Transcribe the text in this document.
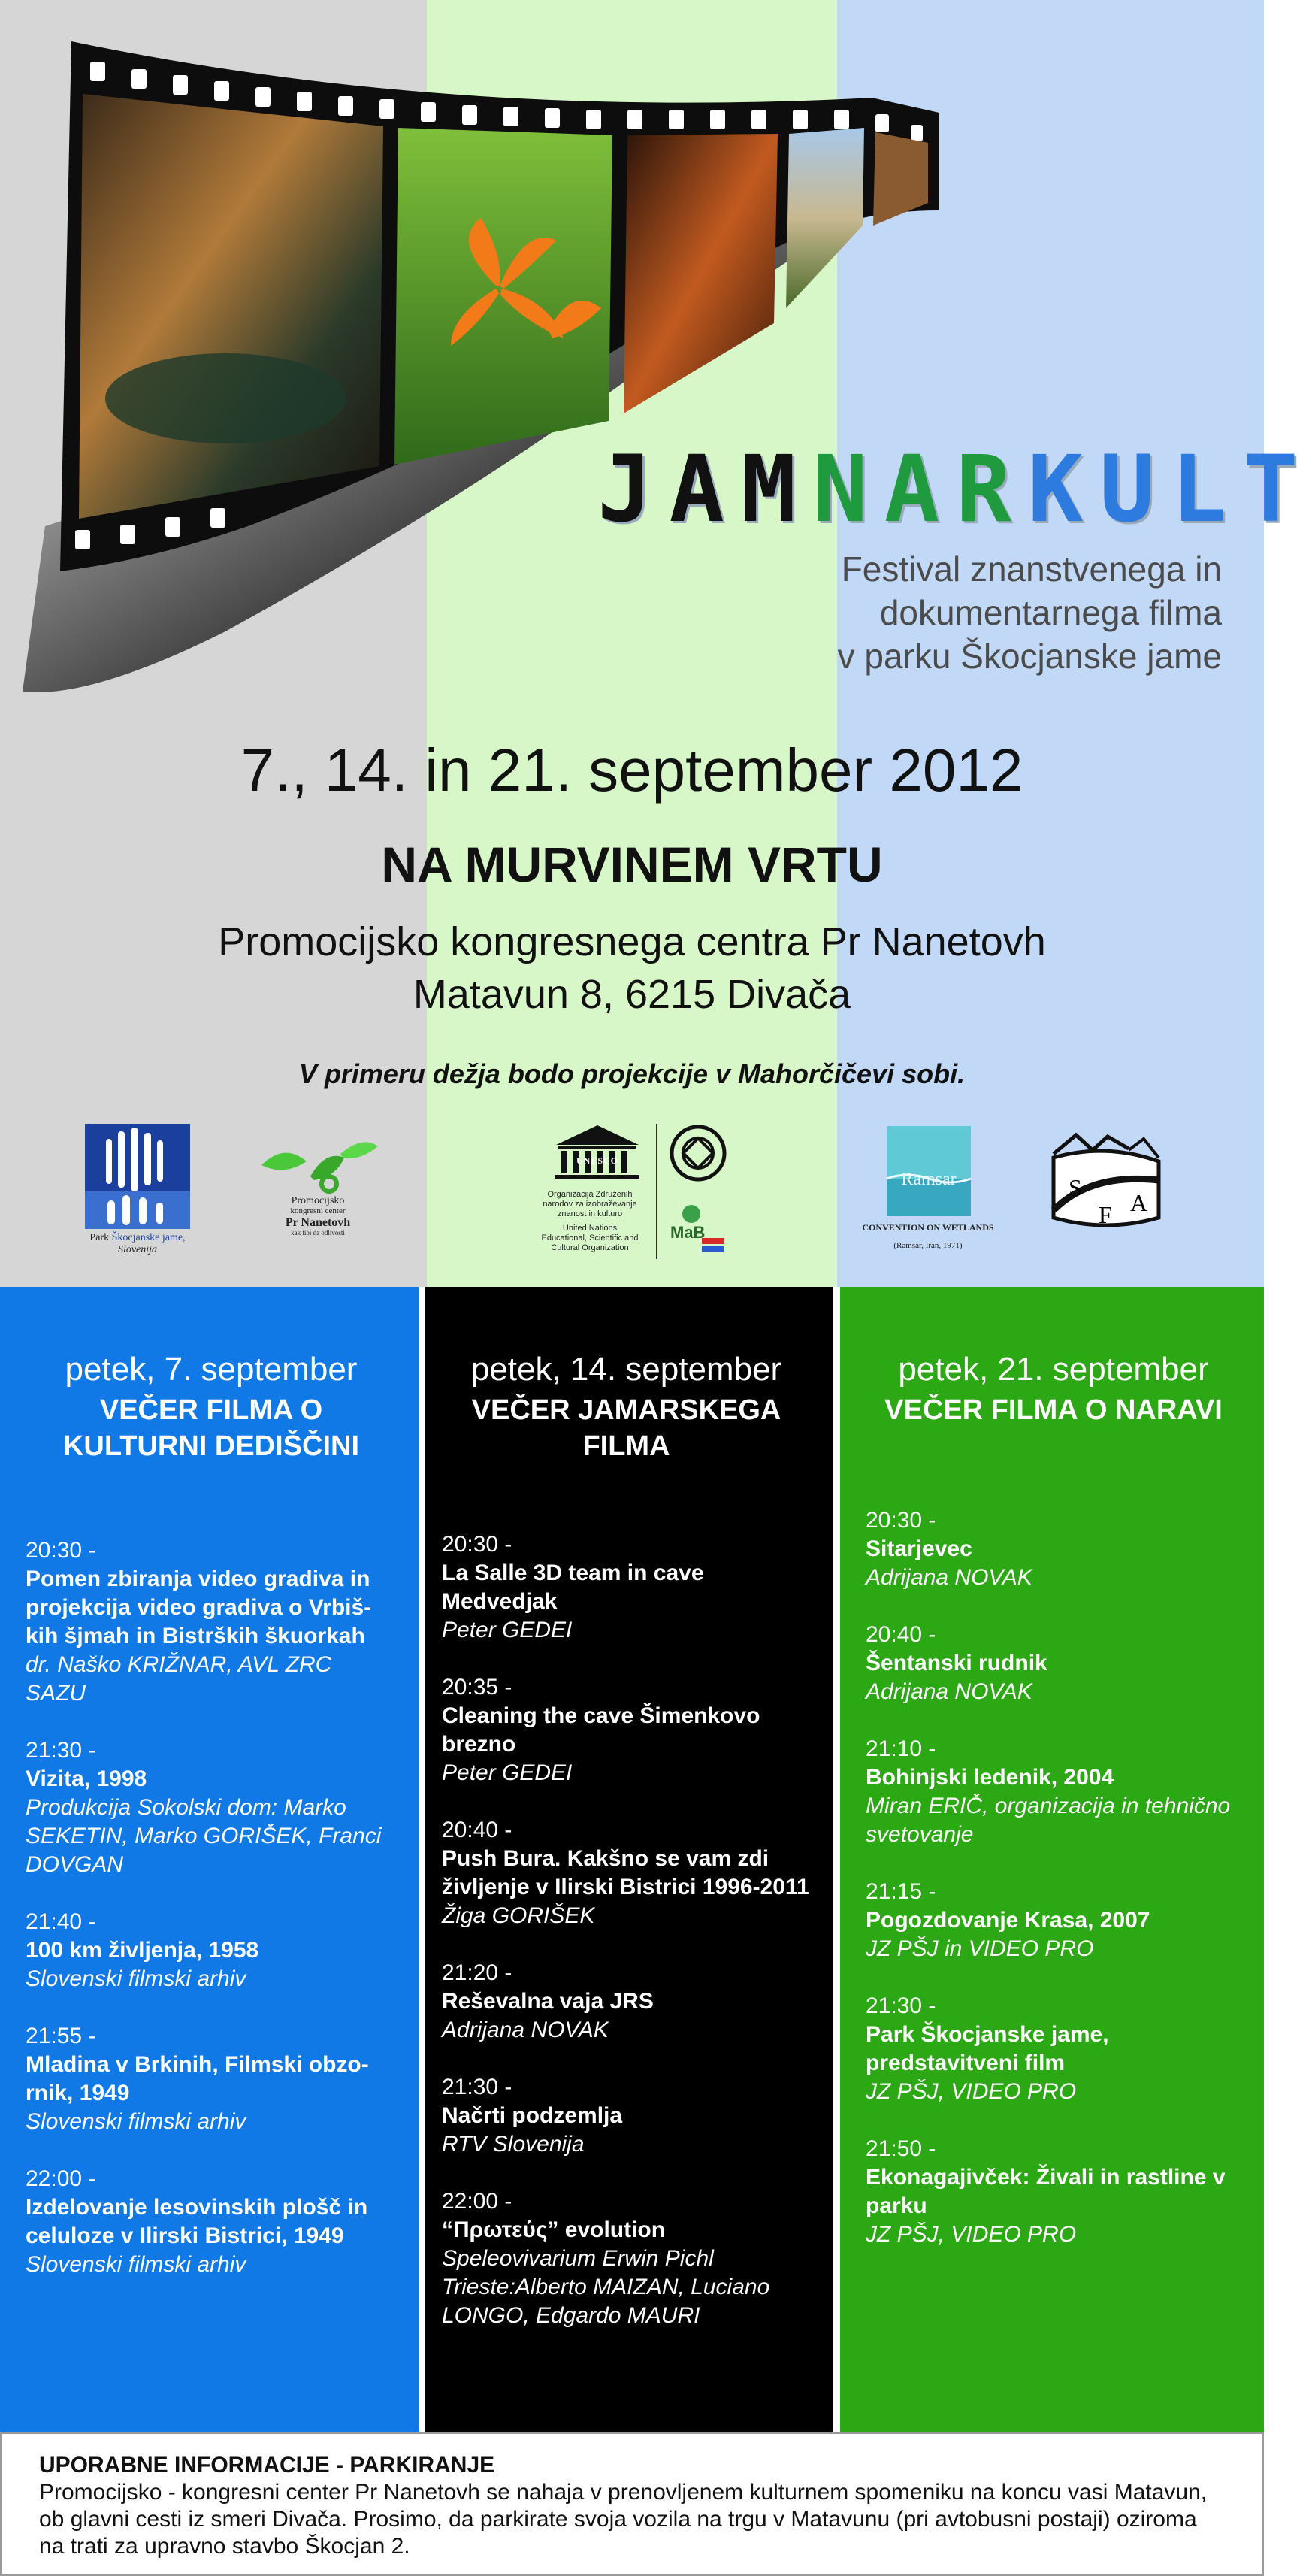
JAMNARKULT
Festival znanstvenega in
dokumentarnega filma
v parku Škocjanske jame
7., 14. in 21. september 2012
NA MURVINEM VRTU
Promocijsko kongresnega centra Pr Nanetovh
Matavun 8, 6215 Divača
V primeru dežja bodo projekcije v Mahorčičevi sobi.
Park Škocjanske jame,
Slovenija
Promocijsko
kongresni center
Pr Nanetovh
kak tipi da odlivosti
UNESCO
Organizacija Združenih
narodov za izobraževanje
znanost in kulturo
United Nations
Educational, Scientific and
Cultural Organization
MaB
Ramsar
CONVENTION ON WETLANDS
(Ramsar, Iran, 1971)
S
F A
petek, 7. september
VEČER FILMA O KULTURNI DEDIŠČINI
20:30 -
Pomen zbiranja video gradiva in projekcija video gradiva o Vrbiš-kih šjmah in Bistrških škuorkah
dr. Naško KRIŽNAR, AVL ZRC SAZU
21:30 -
Vizita, 1998
Produkcija Sokolski dom: Marko SEKETIN, Marko GORIŠEK, Franci DOVGAN
21:40 -
100 km življenja, 1958
Slovenski filmski arhiv
21:55 -
Mladina v Brkinih, Filmski obzo-rnik, 1949
Slovenski filmski arhiv
22:00 -
Izdelovanje lesovinskih plošč in celuloze v Ilirski Bistrici, 1949
Slovenski filmski arhiv
petek, 14. september
VEČER JAMARSKEGA FILMA
20:30 -
La Salle 3D team in cave Medvedjak
Peter GEDEI
20:35 -
Cleaning the cave Šimenkovo brezno
Peter GEDEI
20:40 -
Push Bura. Kakšno se vam zdi življenje v Ilirski Bistrici 1996-2011
Žiga GORIŠEK
21:20 -
Reševalna vaja JRS
Adrijana NOVAK
21:30 -
Načrti podzemlja
RTV Slovenija
22:00 -
“Πρωτεύς” evolution
Speleovivarium Erwin Pichl Trieste:Alberto MAIZAN, Luciano LONGO, Edgardo MAURI
petek, 21. september
VEČER FILMA O NARAVI
20:30 -
Sitarjevec
Adrijana NOVAK
20:40 -
Šentanski rudnik
Adrijana NOVAK
21:10 -
Bohinjski ledenik, 2004
Miran ERIČ, organizacija in tehnično svetovanje
21:15 -
Pogozdovanje Krasa, 2007
JZ PŠJ in VIDEO PRO
21:30 -
Park Škocjanske jame, predstavitveni film
JZ PŠJ, VIDEO PRO
21:50 -
Ekonagajivček: Živali in rastline v parku
JZ PŠJ, VIDEO PRO
UPORABNE INFORMACIJE - PARKIRANJE
Promocijsko - kongresni center Pr Nanetovh se nahaja v prenovljenem kulturnem spomeniku na koncu vasi Matavun, ob glavni cesti iz smeri Divača. Prosimo, da parkirate svoja vozila na trgu v Matavunu (pri avtobusni postaji) oziroma na trati za upravno stavbo Škocjan 2.
